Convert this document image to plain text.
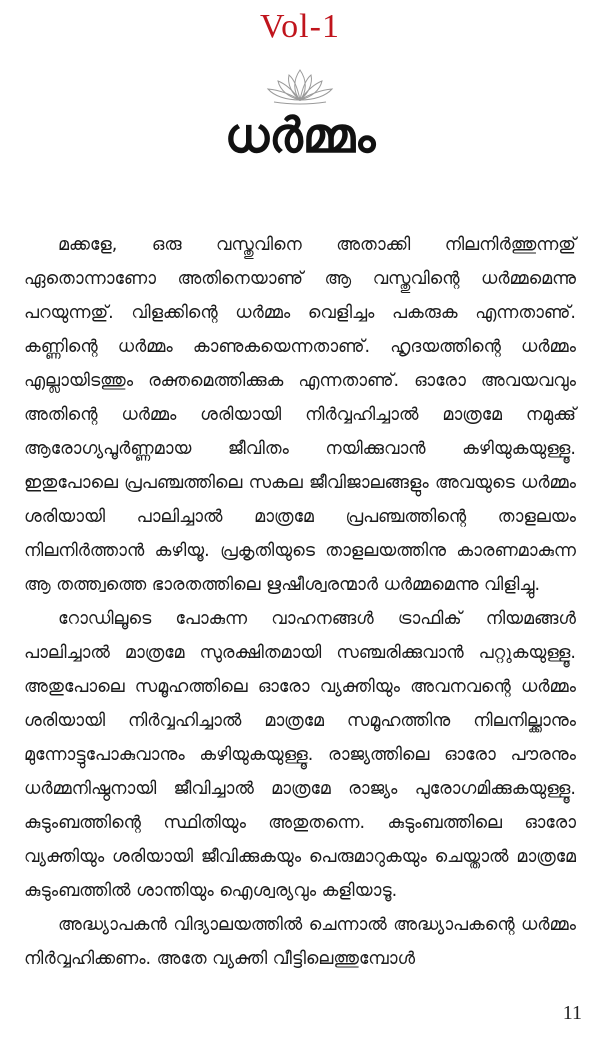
Vol-1
ധർമ്മം

മക്കളേ, ഒരു വസ്തുവിനെ അതാക്കി നിലനിർത്തുന്നതു് ഏതൊന്നാണോ അതിനെയാണു് ആ വസ്തുവിന്റെ ധർമ്മമെന്നു പറയുന്നതു്. വിളക്കിന്റെ ധർമ്മം വെളിച്ചം പകരുക എന്നതാണു്. കണ്ണിന്റെ ധർമ്മം കാണുകയെന്നതാണു്. ഹൃദയത്തിന്റെ ധർമ്മം എല്ലായിടത്തും രക്തമെത്തിക്കുക എന്നതാണു്. ഓരോ അവയവവും അതിന്റെ ധർമ്മം ശരിയായി നിർവ്വഹിച്ചാൽ മാത്രമേ നമുക്കു് ആരോഗ്യപൂർണ്ണമായ ജീവിതം നയിക്കുവാൻ കഴിയുകയുള്ളൂ. ഇതുപോലെ പ്രപഞ്ചത്തിലെ സകല ജീവിജാലങ്ങളും അവയുടെ ധർമ്മം ശരിയായി പാലിച്ചാൽ മാത്രമേ പ്രപഞ്ചത്തിന്റെ താളലയം നിലനിർത്താൻ കഴിയൂ. പ്രകൃതിയുടെ താളലയത്തിനു കാരണമാകുന്ന ആ തത്ത്വത്തെ ഭാരതത്തിലെ ഋഷീശ്വരന്മാർ ധർമ്മമെന്നു വിളിച്ചു.

റോഡിലൂടെ പോകുന്ന വാഹനങ്ങൾ ട്രാഫിക് നിയമങ്ങൾ പാലിച്ചാൽ മാത്രമേ സുരക്ഷിതമായി സഞ്ചരിക്കുവാൻ പറ്റുകയുള്ളൂ. അതുപോലെ സമൂഹത്തിലെ ഓരോ വ്യക്തിയും അവനവന്റെ ധർമ്മം ശരിയായി നിർവ്വഹിച്ചാൽ മാത്രമേ സമൂഹത്തിനു നിലനില്ക്കാനും മുന്നോട്ടുപോകുവാനും കഴിയുകയുള്ളൂ. രാജ്യത്തിലെ ഓരോ പൗരനും ധർമ്മനിഷ്ഠനായി ജീവിച്ചാൽ മാത്രമേ രാജ്യം പുരോഗമിക്കുകയുള്ളൂ. കുടുംബത്തിന്റെ സ്ഥിതിയും അതുതന്നെ. കുടുംബത്തിലെ ഓരോ വ്യക്തിയും ശരിയായി ജീവിക്കുകയും പെരുമാറുകയും ചെയ്താൽ മാത്രമേ കുടുംബത്തിൽ ശാന്തിയും ഐശ്വര്യവും കളിയാടൂ.

അദ്ധ്യാപകൻ വിദ്യാലയത്തിൽ ചെന്നാൽ അദ്ധ്യാപകന്റെ ധർമ്മം നിർവ്വഹിക്കണം. അതേ വ്യക്തി വീട്ടിലെത്തുമ്പോൾ

11
